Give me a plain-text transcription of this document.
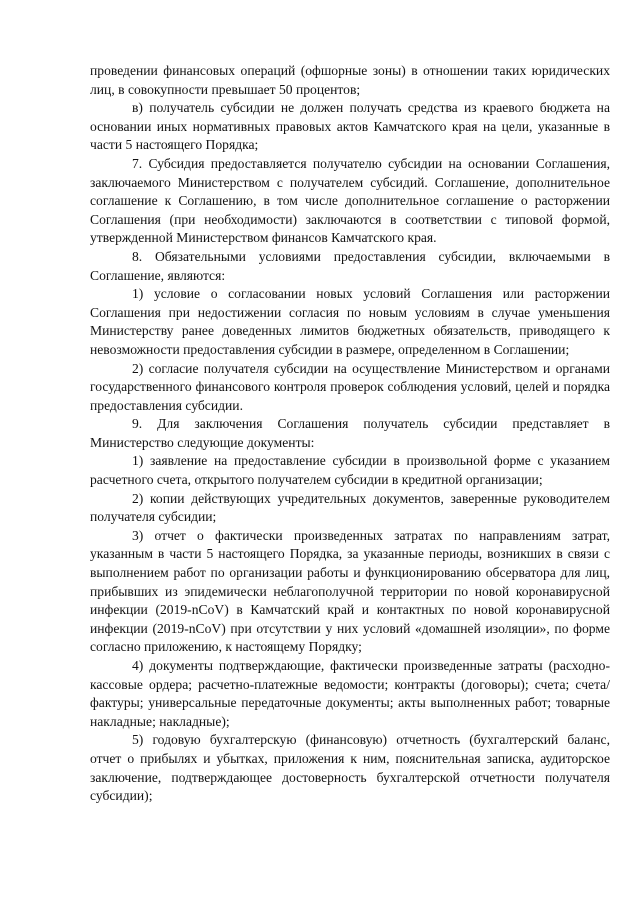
проведении финансовых операций (офшорные зоны) в отношении таких юридических лиц, в совокупности превышает 50 процентов;

в) получатель субсидии не должен получать средства из краевого бюджета на основании иных нормативных правовых актов Камчатского края на цели, указанные в части 5 настоящего Порядка;

7. Субсидия предоставляется получателю субсидии на основании Соглашения, заключаемого Министерством с получателем субсидий. Соглашение, дополнительное соглашение к Соглашению, в том числе дополнительное соглашение о расторжении Соглашения (при необходимости) заключаются в соответствии с типовой формой, утвержденной Министерством финансов Камчатского края.

8. Обязательными условиями предоставления субсидии, включаемыми в Соглашение, являются:

1) условие о согласовании новых условий Соглашения или расторжении Соглашения при недостижении согласия по новым условиям в случае уменьшения Министерству ранее доведенных лимитов бюджетных обязательств, приводящего к невозможности предоставления субсидии в размере, определенном в Соглашении;

2) согласие получателя субсидии на осуществление Министерством и органами государственного финансового контроля проверок соблюдения условий, целей и порядка предоставления субсидии.

9. Для заключения Соглашения получатель субсидии представляет в Министерство следующие документы:

1) заявление на предоставление субсидии в произвольной форме с указанием расчетного счета, открытого получателем субсидии в кредитной организации;

2) копии действующих учредительных документов, заверенные руководителем получателя субсидии;

3) отчет о фактически произведенных затратах по направлениям затрат, указанным в части 5 настоящего Порядка, за указанные периоды, возникших в связи с выполнением работ по организации работы и функционированию обсерватора для лиц, прибывших из эпидемически неблагополучной территории по новой коронавирусной инфекции (2019-nCoV) в Камчатский край и контактных по новой коронавирусной инфекции (2019-nCoV) при отсутствии у них условий «домашней изоляции», по форме согласно приложению, к настоящему Порядку;

4) документы подтверждающие, фактически произведенные затраты (расходно-кассовые ордера; расчетно-платежные ведомости; контракты (договоры); счета; счета/фактуры; универсальные передаточные документы; акты выполненных работ; товарные накладные; накладные);

5) годовую бухгалтерскую (финансовую) отчетность (бухгалтерский баланс, отчет о прибылях и убытках, приложения к ним, пояснительная записка, аудиторское заключение, подтверждающее достоверность бухгалтерской отчетности получателя субсидии);
